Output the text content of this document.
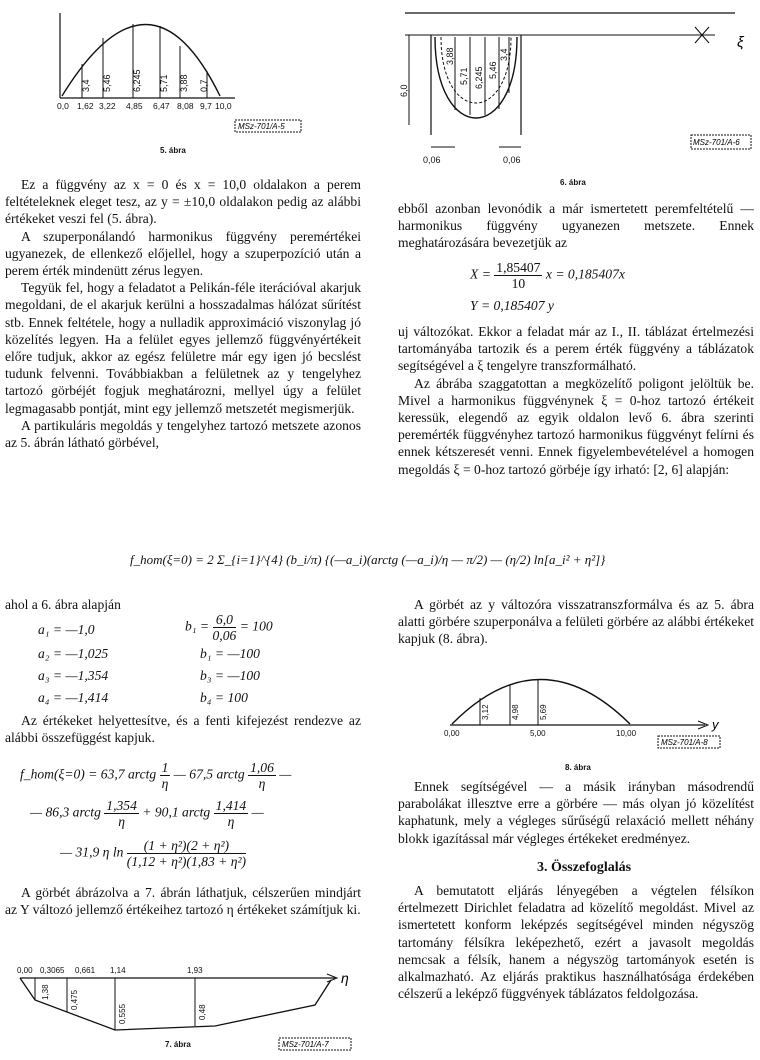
3,4 5,46 6,245 5,71 3,88 0,7
0,0 1,62 3,22 4,85 6,47 8,08 9,7 10,0
MSz-701/A-5
5. ábra
6,0
3,88
5,71 6,245 5,46
3,4
0,06	0,06
ξ
MSz-701/A-6
6. ábra

Ez a függvény az x = 0 és x = 10,0 oldalakon a perem feltételeknek eleget tesz, az y = ±10,0 oldalakon pedig az alábbi értékeket veszi fel (5. ábra).

A szuperponálandó harmonikus függvény peremértékei ugyanezek, de ellenkező előjellel, hogy a szuperpozíció után a perem érték mindenütt zérus legyen.

Tegyük fel, hogy a feladatot a Pelikán-féle iterációval akarjuk megoldani, de el akarjuk kerülni a hosszadalmas hálózat sűrítést stb. Ennek feltétele, hogy a nulladik approximáció viszonylag jó közelítés legyen. Ha a felület egyes jellemző függvényértékeit előre tudjuk, akkor az egész felületre már egy igen jó becslést tudunk felvenni. Továbbiakban a felületnek az y tengelyhez tartozó görbéjét fogjuk meghatározni, mellyel úgy a felület legmagasabb pontját, mint egy jellemző metszetét megismerjük.

A partikuláris megoldás y tengelyhez tartozó metszete azonos az 5. ábrán látható görbével,

ebből azonban levonódik a már ismertetett peremfeltételű — harmonikus függvény ugyanezen metszete. Ennek meghatározására bevezetjük az

$X = \frac{1,85407}{10}$ x = 0,185407x
Y = 0,185407 y

uj változókat. Ekkor a feladat már az I., II. táblázat értelmezési tartományába tartozik és a perem érték függvény a táblázatok segítségével a ξ tengelyre transzformálható.

Az ábrába szaggatottan a megközelítő poligont jelöltük be. Mivel a harmonikus függvénynek ξ = 0-hoz tartozó értékeit keressük, elegendő az egyik oldalon levő 6. ábra szerinti peremérték függvényhez tartozó harmonikus függvényt felírni és ennek kétszeresét venni. Ennek figyelembevételével a homogen megoldás ξ = 0-hoz tartozó görbéje így irható: [2, 6] alapján:

f_hom(ξ=0) = 2 Σ_{i=1}^{4} (b_i/π) {(—a_i)(arctg (—a_i)/η — π/2) — (η/2) ln[a_i² + η²]}

ahol a 6. ábra alapján

a₁ = —1,0
a₂ = —1,025
a₃ = —1,354
a₄ = —1,414
$b_1 = \frac{6,0}{0,06} = 100$
b₁ = —100
b₃ = —100
b₄ = 100

Az értékeket helyettesítve, és a fenti kifejezést rendezve az alábbi összefüggést kapjuk.

f_hom(ξ=0) = 63,7 arctg $\frac{1}{\eta}$ — 67,5 arctg $\frac{1,06}{\eta}$ —
— 86,3 arctg $\frac{1,354}{\eta} + 90,1$ arctg $\frac{1,414}{\eta}$ —
— 31,9 η $\ln \frac{\text{(1 + η²)(2 + η²)}}{\text{(1,12 + η²)(1,83 + η²)}}$

A görbét ábrázolva a 7. ábrán láthatjuk, célszerűen mindjárt az Y változó jellemző értékeihez tartozó η értékeket számítjuk ki.

0,00 0,3065 0,661 1,14	1,93
1,38	0,475
0,555	0,48
η
MSz-701/A-7
7. ábra

A görbét az y változóra visszatranszformálva és az 5. ábra alatti görbére szuperponálva a felületi görbére az alábbi értékeket kapjuk (8. ábra).

3,12	4,98 5,69
0,00	5,00	10,00
y
MSz-701/A-8
8. ábra

Ennek segítségével — a másik irányban másodrendű parabolákat illesztve erre a görbére — más olyan jó közelítést kaphatunk, mely a végleges sűrűségű relaxáció mellett néhány blokk igazítással már végleges értékeket eredményez.

3. Összefoglalás

A bemutatott eljárás lényegében a végtelen félsíkon értelmezett Dirichlet feladatra ad közelítő megoldást. Mivel az ismertetett konform leképzés segítségével minden négyszög tartomány félsíkra leképezhető, ezért a javasolt megoldás nemcsak a félsík, hanem a négyszög tartományok esetén is alkalmazható. Az eljárás praktikus használhatósága érdekében célszerű a leképző függvények táblázatos feldolgozása.
